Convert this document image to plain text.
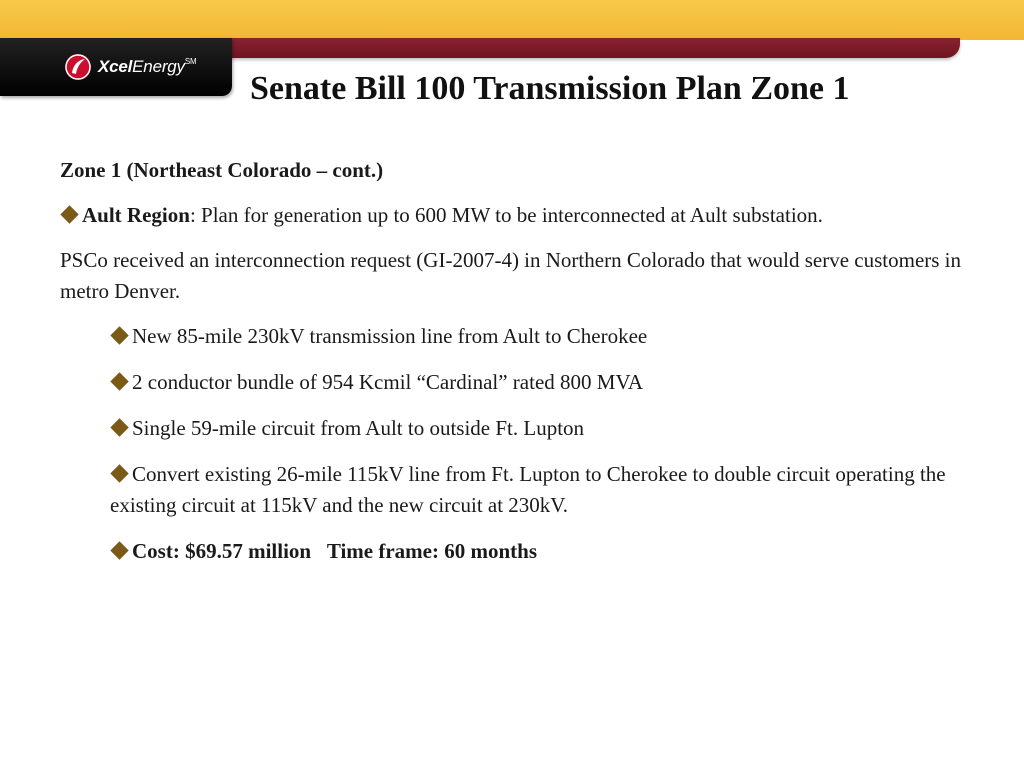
XcelEnergy℠
Senate Bill 100 Transmission Plan Zone 1

Zone 1 (Northeast Colorado – cont.)

Ault Region: Plan for generation up to 600 MW to be interconnected at Ault substation.

PSCo received an interconnection request (GI-2007-4) in Northern Colorado that would serve customers in metro Denver.

New 85-mile 230kV transmission line from Ault to Cherokee

2 conductor bundle of 954 Kcmil “Cardinal” rated 800 MVA

Single 59-mile circuit from Ault to outside Ft. Lupton

Convert existing 26-mile 115kV line from Ft. Lupton to Cherokee to double circuit operating the existing circuit at 115kV and the new circuit at 230kV.

Cost: $69.57 million Time frame: 60 months
